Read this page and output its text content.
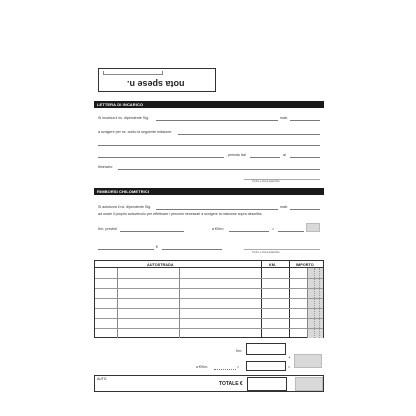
nota spese n.
LETTERA DI INCARICO
Si incarica il ns. dipendente Sig.	matr.
a svolgere per ns. conto la seguente missione:
, periodo dal	al
Itinerario:
Timbro e Firma della Ditta
RIMBORSI CHILOMETRICI
Si autorizza il ns. dipendente Sig.	matr.
ad usare il proprio autoveicolo per effettuare i percorsi necessari a svolgere la missione sopra descritta.
Km. previsti	a €/Km.	=
€
Timbro e Firma della Ditta
AUTOSTRADA	KM.	IMPORTO
Km.
a €/Km.	=
+
=
AUTO
TOTALE €
